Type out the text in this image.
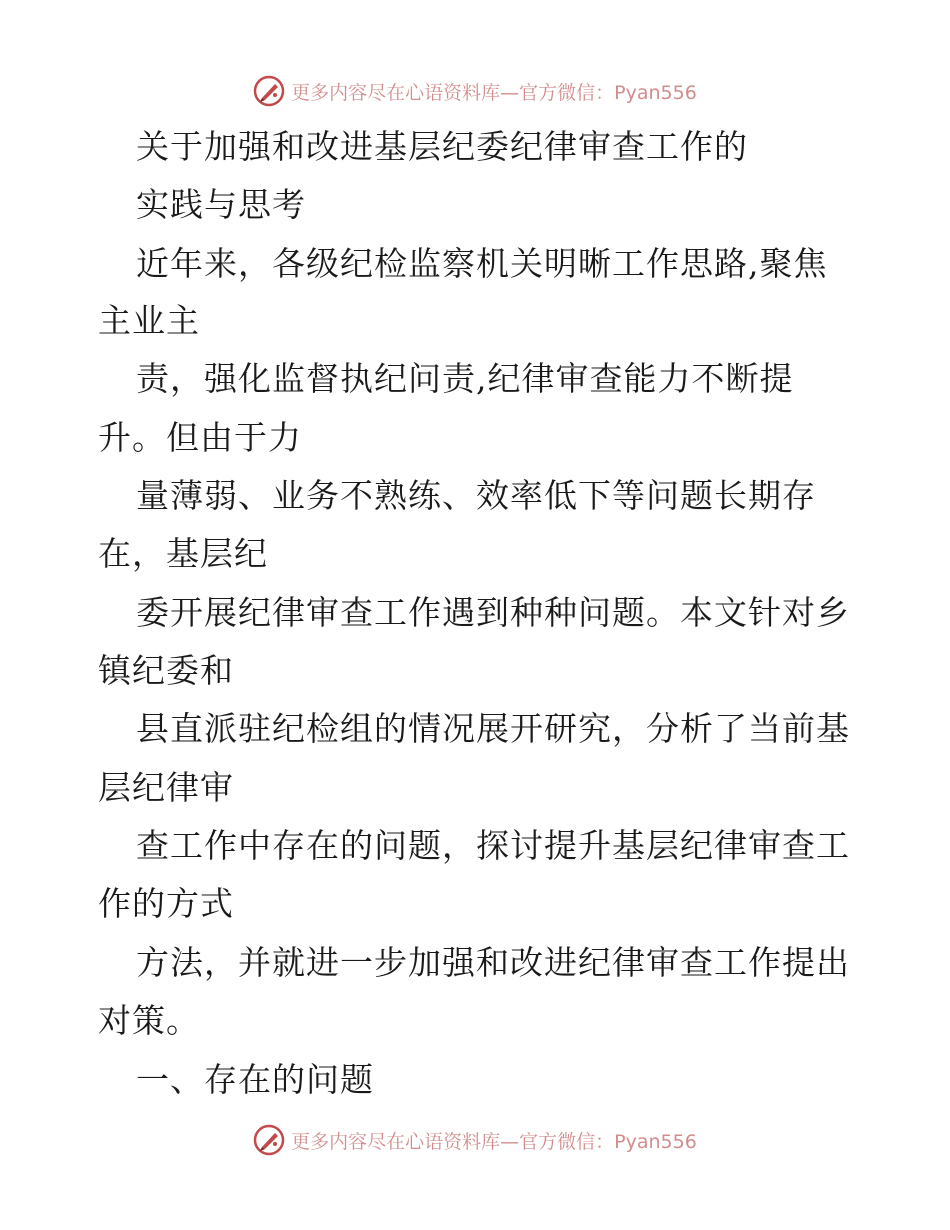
更多内容尽在心语资料库—官方微信：Pyan556
关于加强和改进基层纪委纪律审查工作的
实践与思考
近年来，各级纪检监察机关明晰工作思路,聚焦
主业主
责，强化监督执纪问责,纪律审查能力不断提
升。但由于力
量薄弱、业务不熟练、效率低下等问题长期存
在，基层纪
委开展纪律审查工作遇到种种问题。本文针对乡
镇纪委和
县直派驻纪检组的情况展开研究，分析了当前基
层纪律审
查工作中存在的问题，探讨提升基层纪律审查工
作的方式
方法，并就进一步加强和改进纪律审查工作提出
对策。
一、存在的问题
更多内容尽在心语资料库—官方微信：Pyan556
